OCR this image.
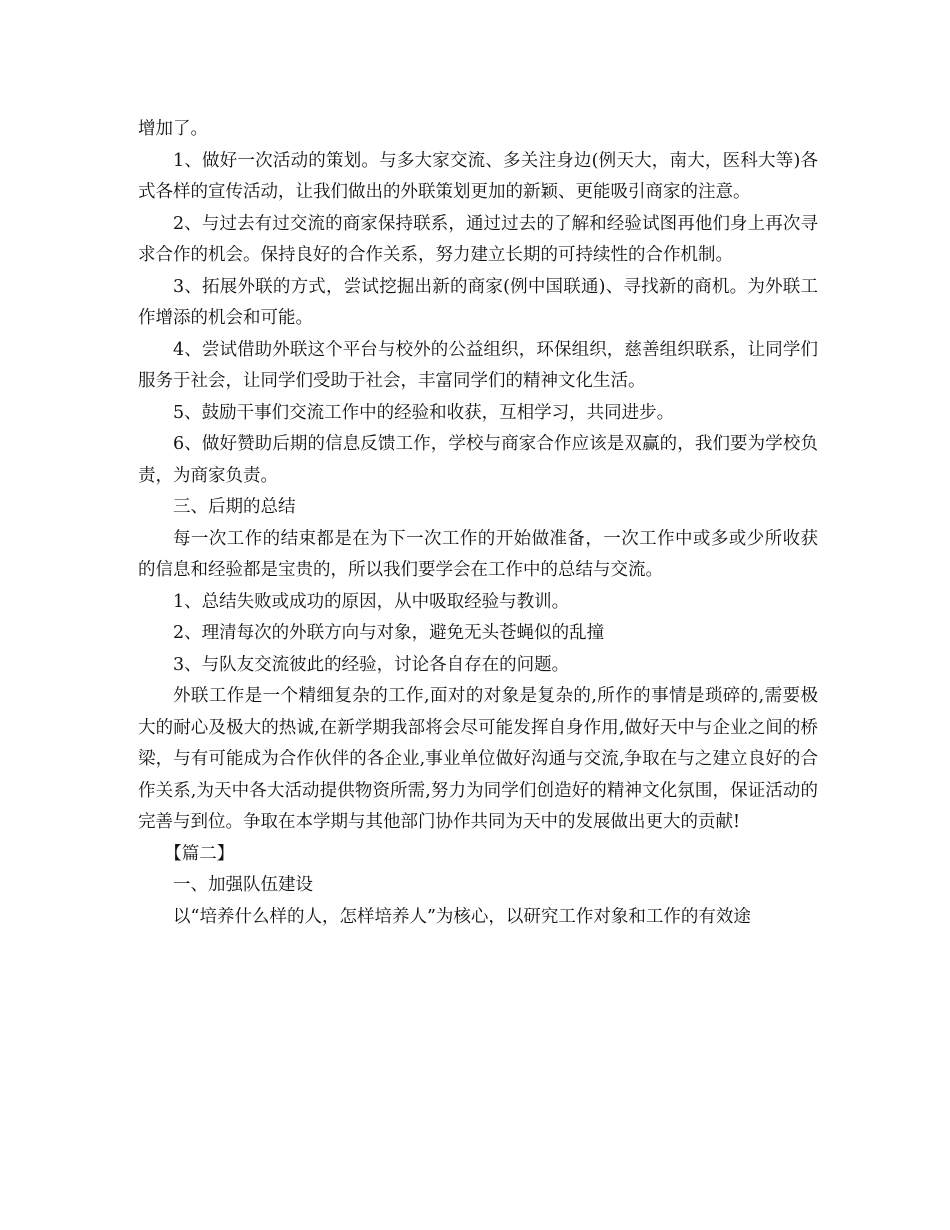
增加了。

1、做好一次活动的策划。与多大家交流、多关注身边(例天大，南大，医科大等)各式各样的宣传活动，让我们做出的外联策划更加的新颖、更能吸引商家的注意。

2、与过去有过交流的商家保持联系，通过过去的了解和经验试图再他们身上再次寻求合作的机会。保持良好的合作关系，努力建立长期的可持续性的合作机制。

3、拓展外联的方式，尝试挖掘出新的商家(例中国联通)、寻找新的商机。为外联工作增添的机会和可能。

4、尝试借助外联这个平台与校外的公益组织，环保组织，慈善组织联系，让同学们服务于社会，让同学们受助于社会，丰富同学们的精神文化生活。

5、鼓励干事们交流工作中的经验和收获，互相学习，共同进步。

6、做好赞助后期的信息反馈工作，学校与商家合作应该是双赢的，我们要为学校负责，为商家负责。

三、后期的总结

每一次工作的结束都是在为下一次工作的开始做准备，一次工作中或多或少所收获的信息和经验都是宝贵的，所以我们要学会在工作中的总结与交流。

1、总结失败或成功的原因，从中吸取经验与教训。

2、理清每次的外联方向与对象，避免无头苍蝇似的乱撞

3、与队友交流彼此的经验，讨论各自存在的问题。

外联工作是一个精细复杂的工作,面对的对象是复杂的,所作的事情是琐碎的,需要极大的耐心及极大的热诚,在新学期我部将会尽可能发挥自身作用,做好天中与企业之间的桥梁，与有可能成为合作伙伴的各企业,事业单位做好沟通与交流,争取在与之建立良好的合作关系,为天中各大活动提供物资所需,努力为同学们创造好的精神文化氛围，保证活动的完善与到位。争取在本学期与其他部门协作共同为天中的发展做出更大的贡献!

【篇二】

一、加强队伍建设

以“培养什么样的人，怎样培养人”为核心，以研究工作对象和工作的有效途
